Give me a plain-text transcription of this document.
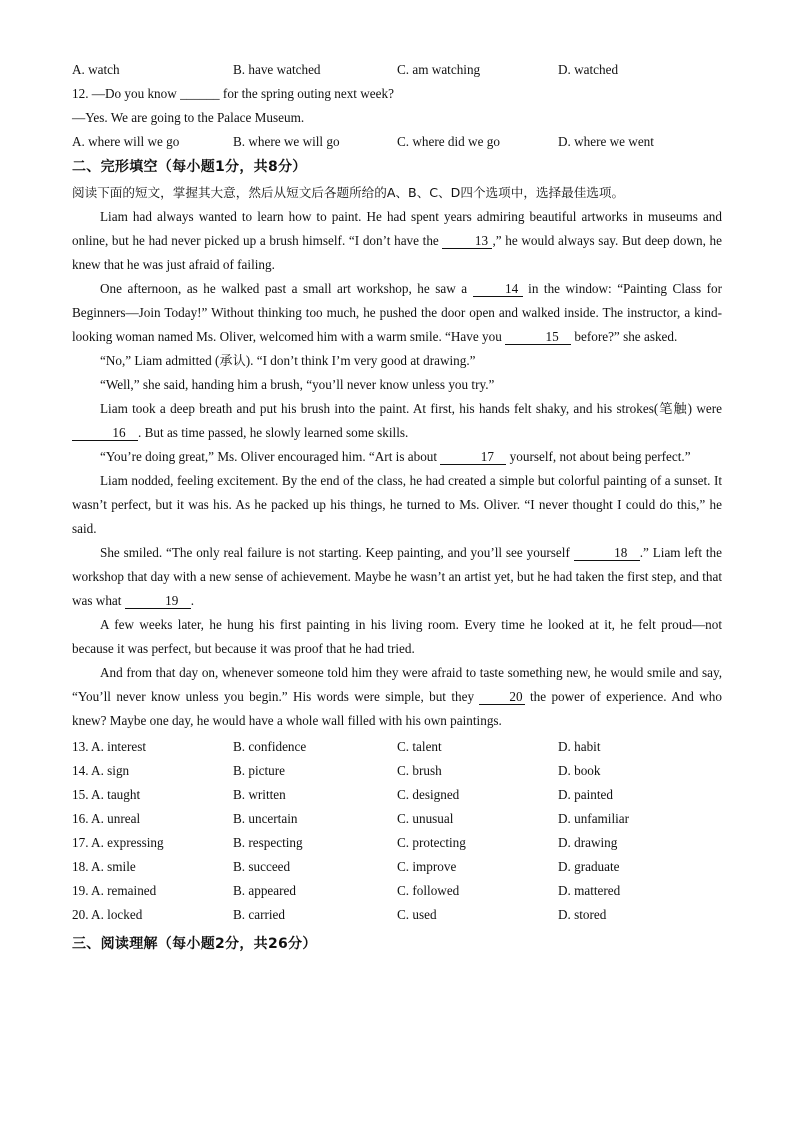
A. watch	B. have watched	C. am watching	D. watched
12. —Do you know ______ for the spring outing next week?
—Yes. We are going to the Palace Museum.
A. where will we go	B. where we will go	C. where did we go	D. where we went
二、完形填空（每小题1分，共8分）
阅读下面的短文，掌握其大意，然后从短文后各题所给的A、B、C、D四个选项中，选择最佳选项。

Liam had always wanted to learn how to paint. He had spent years admiring beautiful artworks in museums and online, but he had never picked up a brush himself. “I don’t have the 13 ,” he would always say. But deep down, he knew that he was just afraid of failing.

One afternoon, as he walked past a small art workshop, he saw a 14 in the window: “Painting Class for Beginners—Join Today!” Without thinking too much, he pushed the door open and walked inside. The instructor, a kind-looking woman named Ms. Oliver, welcomed him with a warm smile. “Have you	15 before?” she asked.

“No,” Liam admitted (承认). “I don’t think I’m very good at drawing.”

“Well,” she said, handing him a brush, “you’ll never know unless you try.”

Liam took a deep breath and put his brush into the paint. At first, his hands felt shaky, and his strokes(笔触) were 16 . But as time passed, he slowly learned some skills.

“You’re doing great,” Ms. Oliver encouraged him. “Art is about	17 yourself, not about being perfect.”

Liam nodded, feeling excitement. By the end of the class, he had created a simple but colorful painting of a sunset. It wasn’t perfect, but it was his. As he packed up his things, he turned to Ms. Oliver. “I never thought I could do this,” he said.

She smiled. “The only real failure is not starting. Keep painting, and you’ll see yourself	18 .” Liam left the workshop that day with a new sense of achievement. Maybe he wasn’t an artist yet, but he had taken the first step, and that was what	19 .

A few weeks later, he hung his first painting in his living room. Every time he looked at it, he felt proud—not because it was perfect, but because it was proof that he had tried.

And from that day on, whenever someone told him they were afraid to taste something new, he would smile and say, “You’ll never know unless you begin.” His words were simple, but they 20 the power of experience. And who knew? Maybe one day, he would have a whole wall filled with his own paintings.

13. A. interest	B. confidence	C. talent	D. habit
14. A. sign	B. picture	C. brush	D. book
15. A. taught	B. written	C. designed	D. painted
16. A. unreal	B. uncertain	C. unusual	D. unfamiliar
17. A. expressing	B. respecting	C. protecting	D. drawing
18. A. smile	B. succeed	C. improve	D. graduate
19. A. remained	B. appeared	C. followed	D. mattered
20. A. locked	B. carried	C. used	D. stored
三、阅读理解（每小题2分，共26分）
